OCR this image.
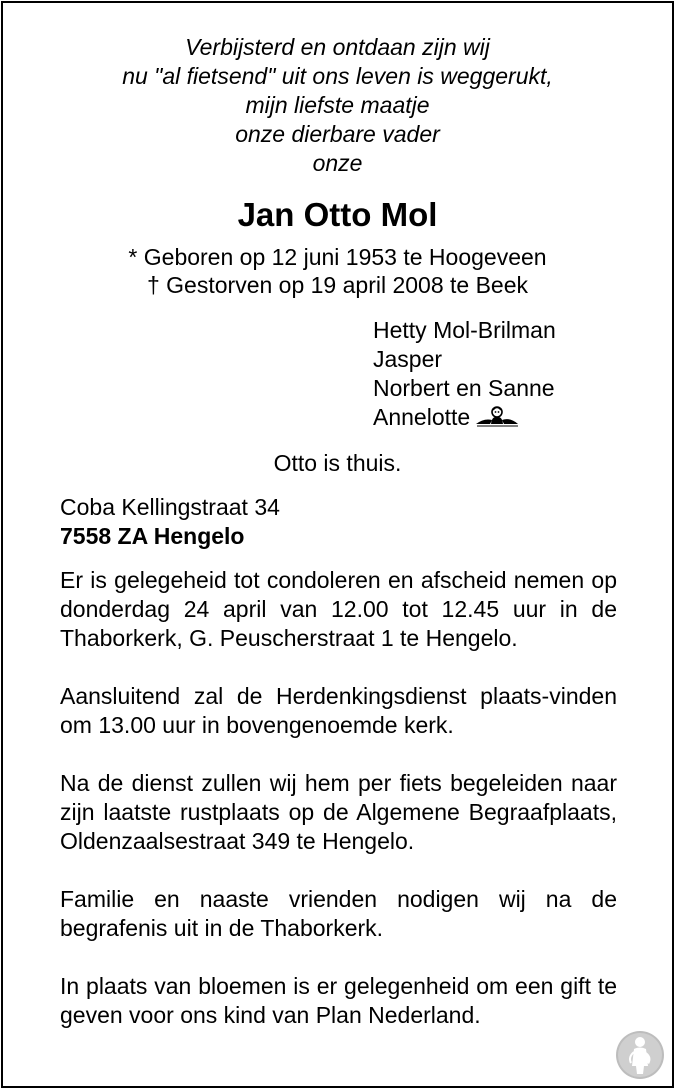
Verbijsterd en ontdaan zijn wij
nu "al fietsend" uit ons leven is weggerukt,
mijn liefste maatje
onze dierbare vader
onze
Jan Otto Mol
* Geboren op 12 juni 1953 te Hoogeveen
† Gestorven op 19 april 2008 te Beek
Hetty Mol-Brilman
Jasper
Norbert en Sanne
Annelotte
Otto is thuis.
Coba Kellingstraat 34
7558 ZA Hengelo

Er is gelegeheid tot condoleren en afscheid nemen op donderdag 24 april van 12.00 tot 12.45 uur in de Thaborkerk, G. Peuscherstraat 1 te Hengelo.

Aansluitend zal de Herdenkingsdienst plaats-vinden om 13.00 uur in bovengenoemde kerk.

Na de dienst zullen wij hem per fiets begeleiden naar zijn laatste rustplaats op de Algemene Begraafplaats, Oldenzaalsestraat 349 te Hengelo.

Familie en naaste vrienden nodigen wij na de begrafenis uit in de Thaborkerk.

In plaats van bloemen is er gelegenheid om een gift te geven voor ons kind van Plan Nederland.
